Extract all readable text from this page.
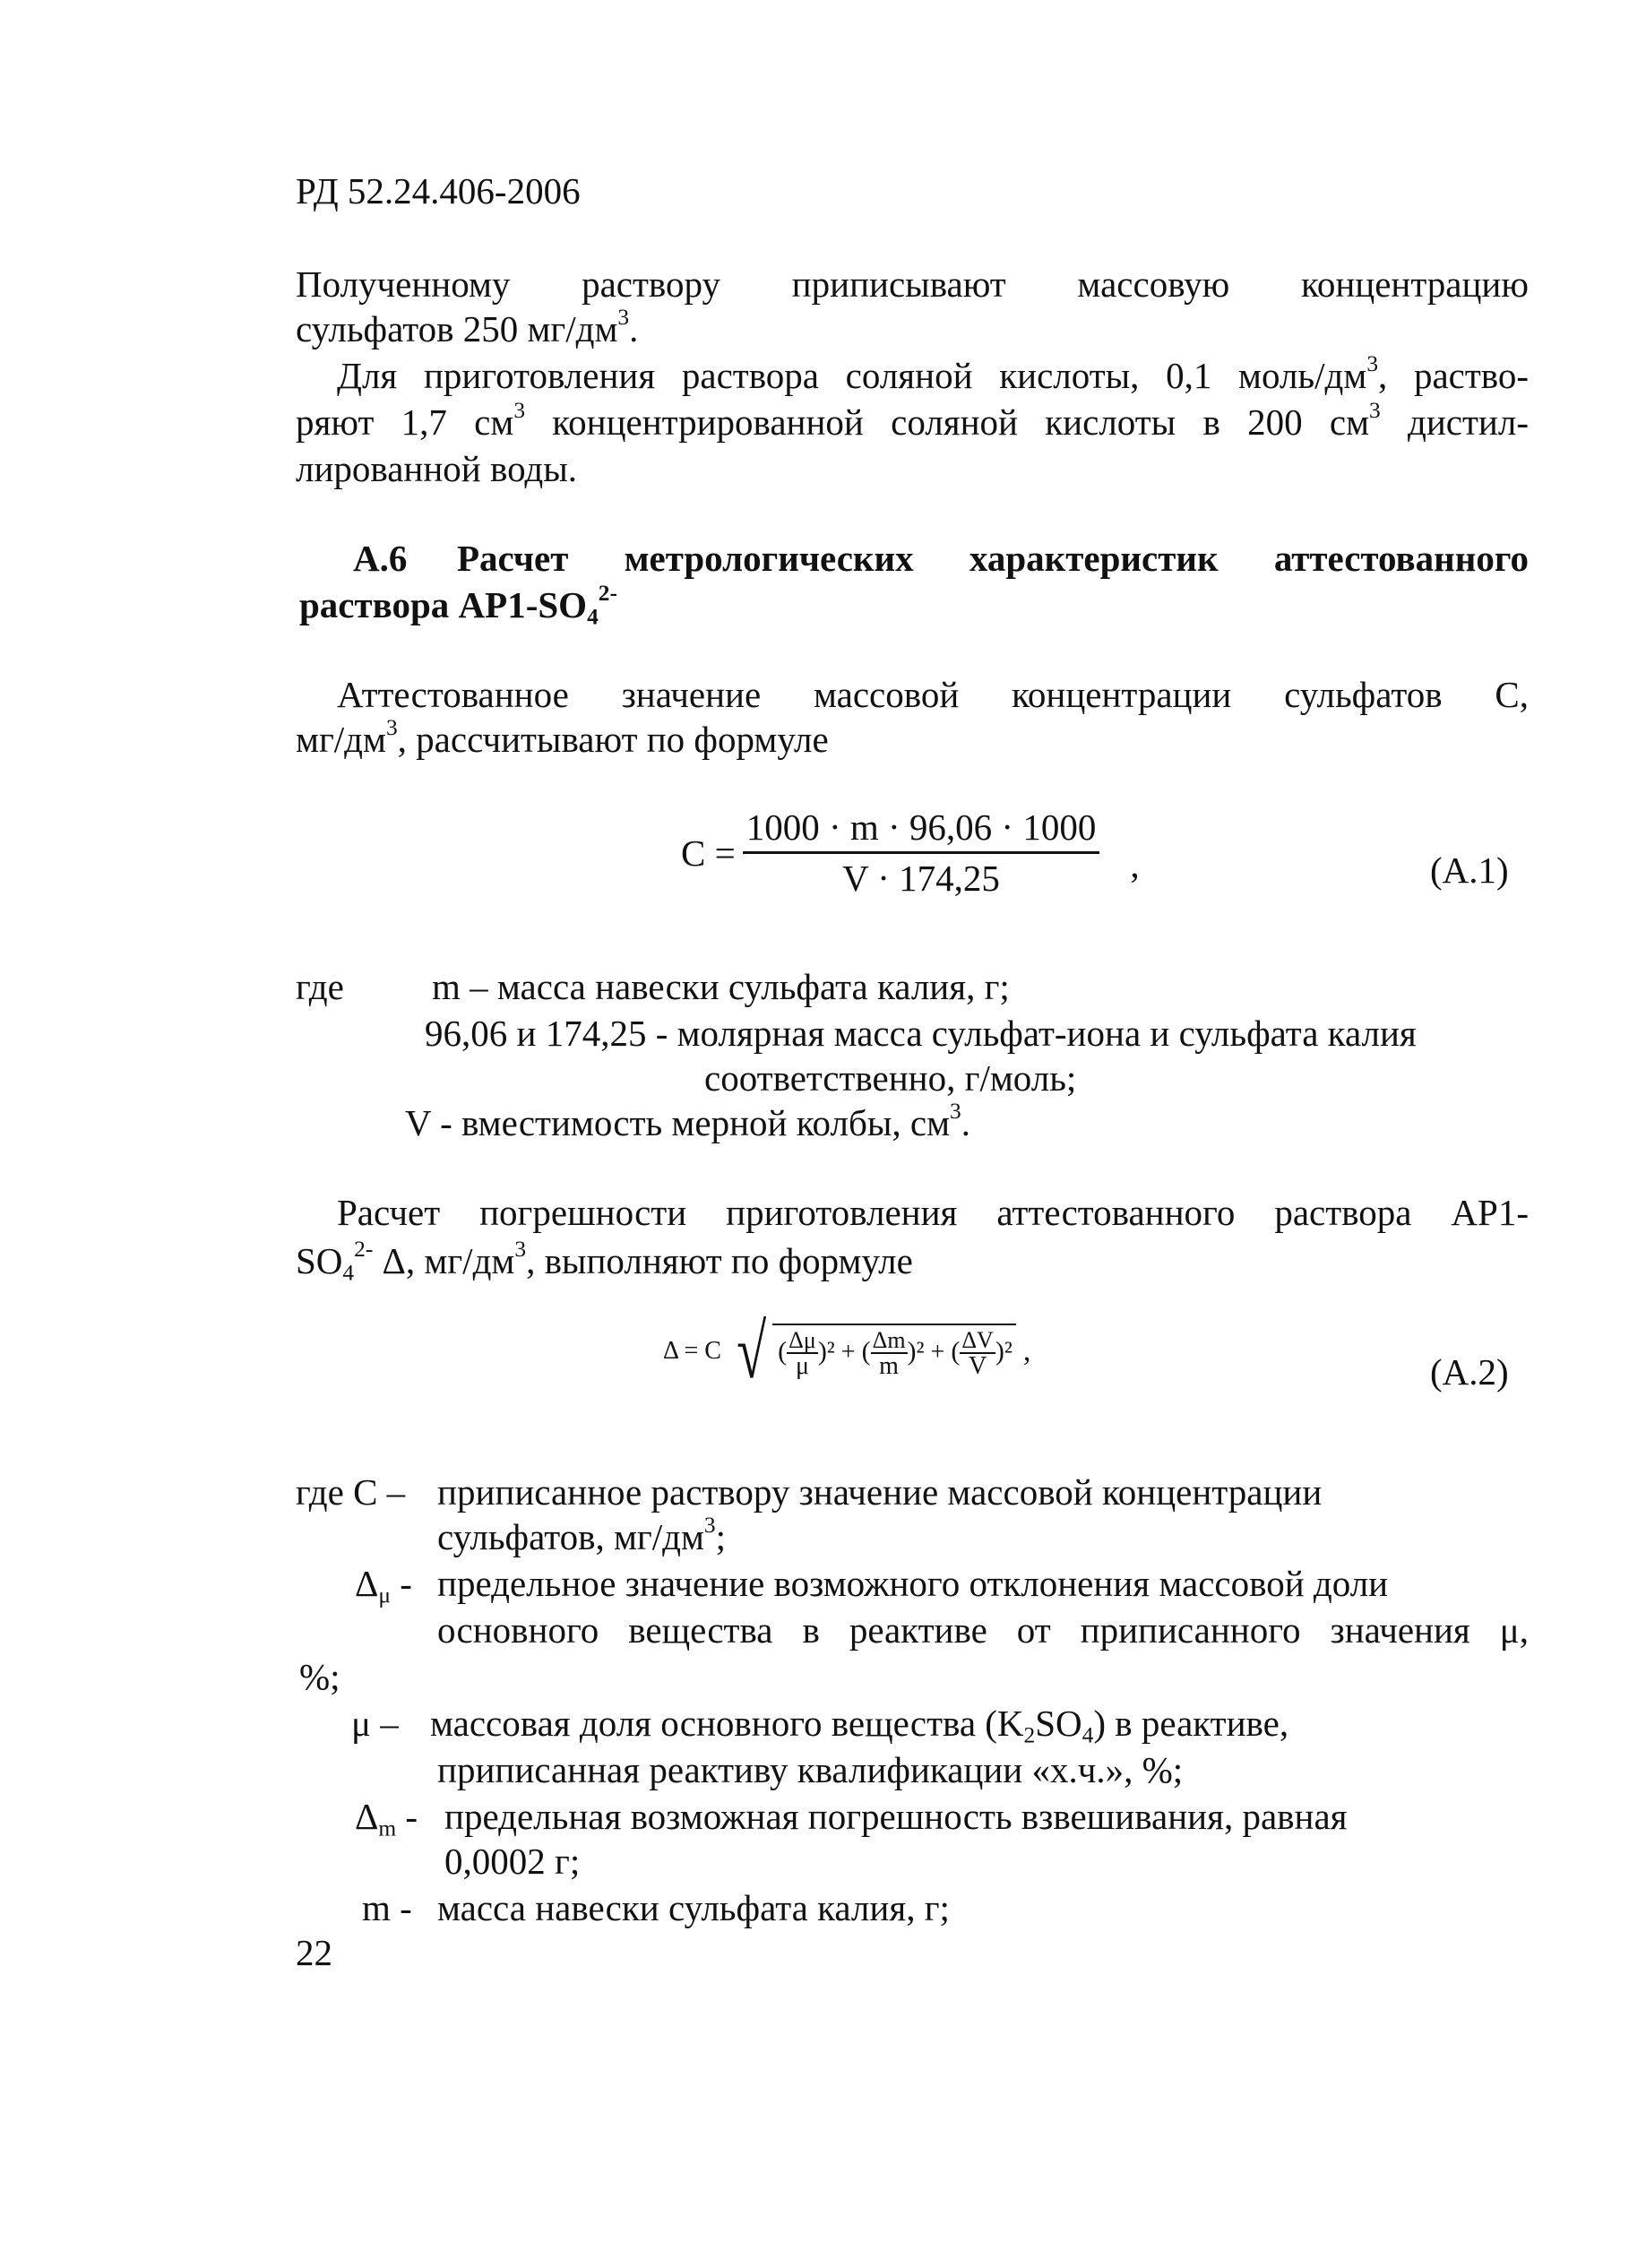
РД 52.24.406-2006
Полученному раствору приписывают массовую концентрацию
сульфатов 250 $мг/дм^3$.
Для приготовления раствора соляной кислоты, 0,1 моль/$дм^3$, раство-
ряют 1,7 $см^3$ концентрированной соляной кислоты в 200 $см^3$ дистил-
лированной воды.
А.6 Расчет метрологических характеристик аттестованного
раствора $АР1-SO_4^{2-}$
Аттестованное значение массовой концентрации сульфатов С,
$мг/дм^3$, рассчитывают по формуле
$C = \frac{1000 \cdot m \cdot 96,06 \cdot 1000}{V \cdot 174,25}$ ,	(А.1)
где m – масса навески сульфата калия, г;
96,06 и 174,25 - молярная масса сульфат-иона и сульфата калия
соответственно, г/моль;
V - вместимость мерной колбы, $см^3$.
Расчет погрешности приготовления аттестованного раствора АР1-
$SO_4^{2-}$ Δ, $мг/дм^3$, выполняют по формуле
Δ = C √ ( $\frac{\Delta\mu}{\mu} )^2$ + ( $\frac{\Delta m}{m} )^2$ + ( $\frac{\Delta V}{V} )^2$ ,
(А.2)
где С – приписанное раствору значение массовой концентрации
сульфатов, $мг/дм^3$;
$\Delta_\mu$ - предельное значение возможного отклонения массовой доли
основного вещества в реактиве от приписанного значения μ,
%;
μ – массовая доля основного вещества $(K_2SO_4)$ в реактиве,
приписанная реактиву квалификации «х.ч.», %;
$\Delta_m$ - предельная возможная погрешность взвешивания, равная
0,0002 г;
m - масса навески сульфата калия, г;
22
